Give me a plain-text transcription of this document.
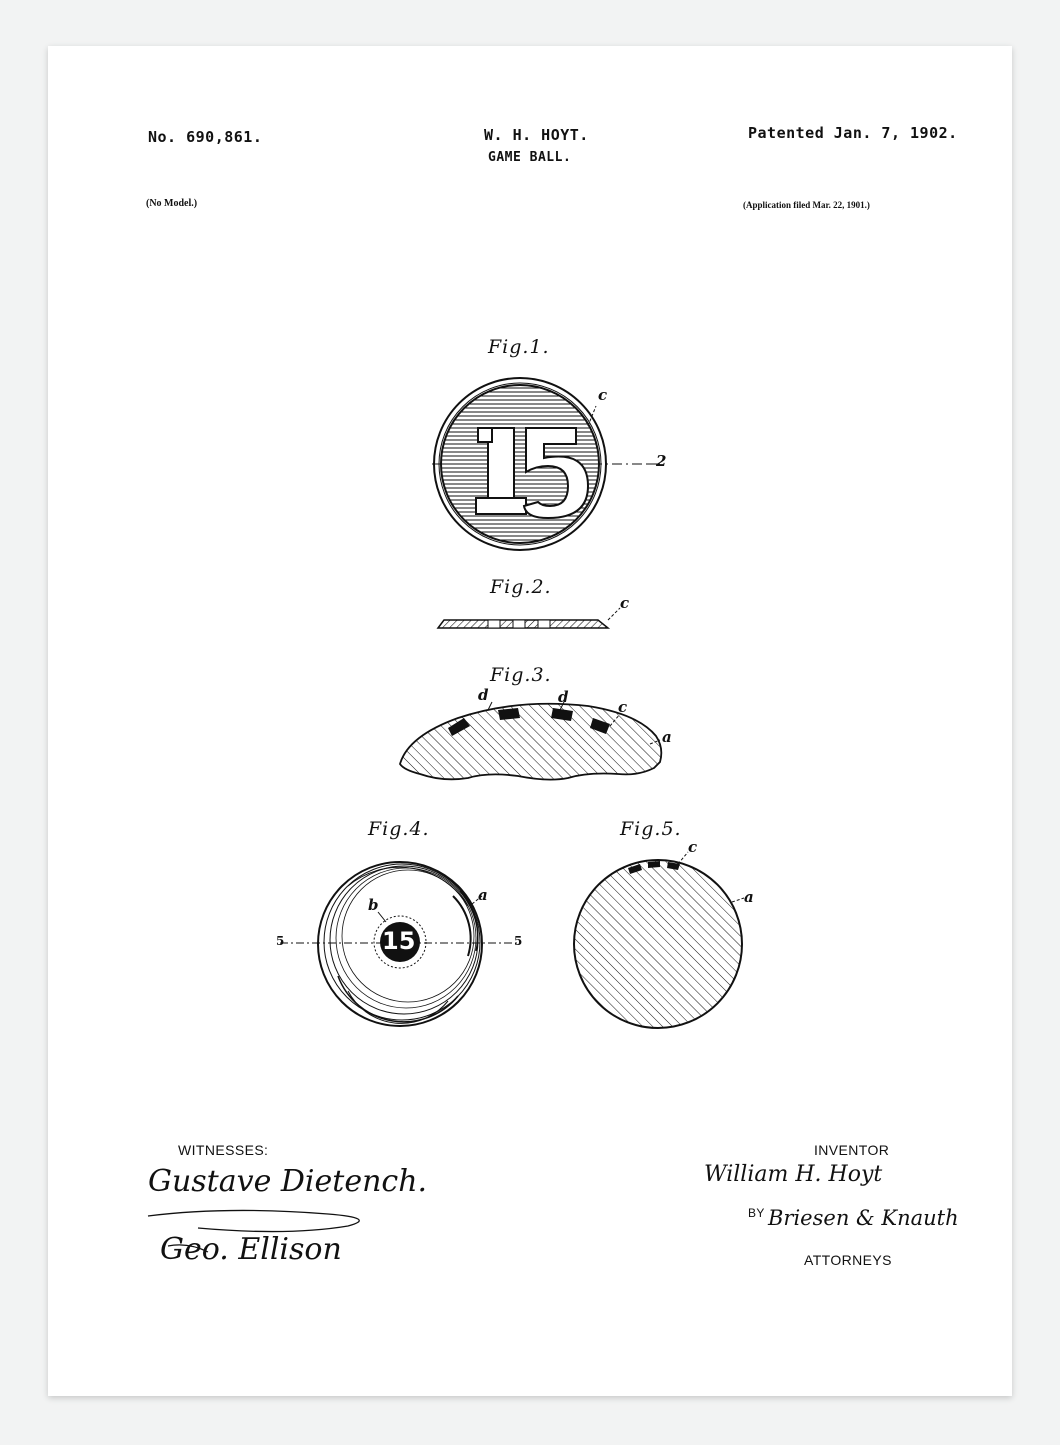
No. 690,861.	W. H. HOYT.
GAME BALL.
Patented Jan. 7, 1902.
(No Model.)	(Application filed Mar. 22, 1901.)
Fig.1.
c
2
Fig.2.
c
Fig.3.
d	d
c
a
Fig.4.
b
a
5	5
15
Fig.5.
c
a
WITNESSES:
Gustave Dietench.
Geo. Ellison
INVENTOR
William H. Hoyt
BY Briesen & Knauth
ATTORNEYS
